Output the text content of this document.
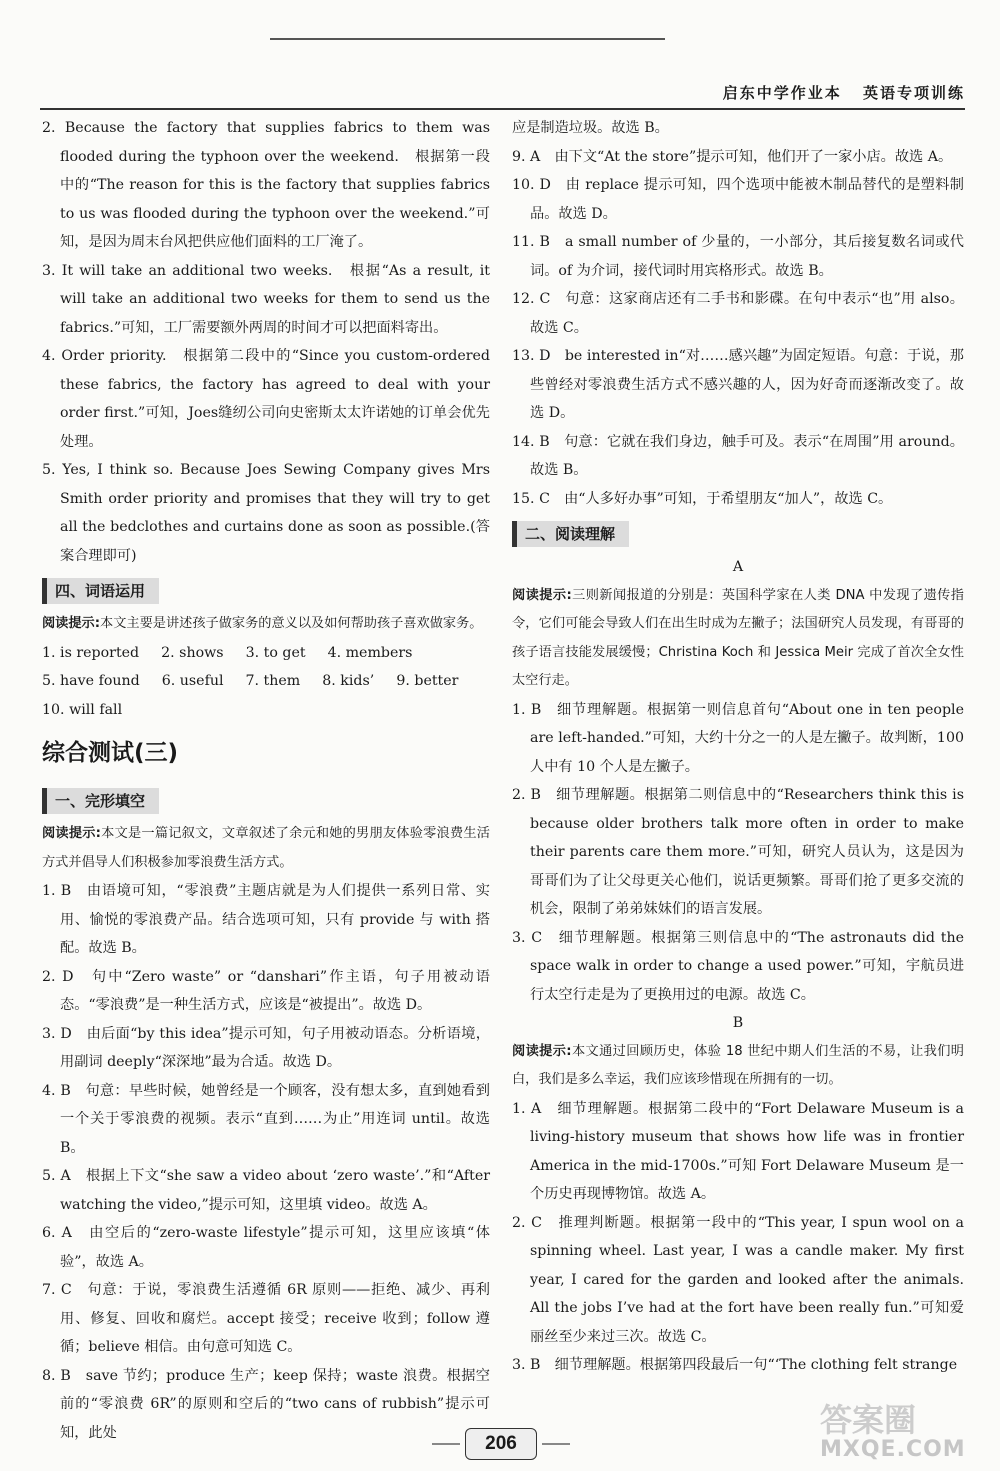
启东中学作业本 英语专项训练

2. Because the factory that supplies fabrics to them was flooded during the typhoon over the weekend.　根据第一段中的“The reason for this is the factory that supplies fabrics to us was flooded during the typhoon over the weekend.”可知，是因为周末台风把供应他们面料的工厂淹了。

3. It will take an additional two weeks.　根据“As a result, it will take an additional two weeks for them to send us the fabrics.”可知，工厂需要额外两周的时间才可以把面料寄出。

4. Order priority.　根据第二段中的“Since you custom-ordered these fabrics, the factory has agreed to deal with your order first.”可知，Joes缝纫公司向史密斯太太许诺她的订单会优先处理。

5. Yes, I think so. Because Joes Sewing Company gives Mrs Smith order priority and promises that they will try to get all the bedclothes and curtains done as soon as possible.(答案合理即可)

四、词语运用

阅读提示:本文主要是讲述孩子做家务的意义以及如何帮助孩子喜欢做家务。

1. is reported 2. shows 3. to get 4. members
5. have found 6. useful 7. them 8. kids’ 9. better
10. will fall
综合测试(三)
一、完形填空

阅读提示:本文是一篇记叙文，文章叙述了余元和她的男朋友体验零浪费生活方式并倡导人们积极参加零浪费生活方式。

1. B　由语境可知，“零浪费”主题店就是为人们提供一系列日常、实用、愉悦的零浪费产品。结合选项可知，只有 provide 与 with 搭配。故选 B。

2. D　句中“Zero waste” or “danshari”作主语，句子用被动语态。“零浪费”是一种生活方式，应该是“被提出”。故选 D。

3. D　由后面“by this idea”提示可知，句子用被动语态。分析语境，用副词 deeply“深深地”最为合适。故选 D。

4. B　句意：早些时候，她曾经是一个顾客，没有想太多，直到她看到一个关于零浪费的视频。表示“直到……为止”用连词 until。故选 B。

5. A　根据上下文“she saw a video about ‘zero waste’.”和“After watching the video,”提示可知，这里填 video。故选 A。

6. A　由空后的“zero-waste lifestyle”提示可知，这里应该填“体验”，故选 A。

7. C　句意：于说，零浪费生活遵循 6R 原则——拒绝、减少、再利用、修复、回收和腐烂。accept 接受；receive 收到；follow 遵循；believe 相信。由句意可知选 C。

8. B　save 节约；produce 生产；keep 保持；waste 浪费。根据空前的“零浪费 6R”的原则和空后的“two cans of rubbish”提示可知，此处

应是制造垃圾。故选 B。

9. A　由下文“At the store”提示可知，他们开了一家小店。故选 A。

10. D　由 replace 提示可知，四个选项中能被木制品替代的是塑料制品。故选 D。

11. B　a small number of 少量的，一小部分，其后接复数名词或代词。of 为介词，接代词时用宾格形式。故选 B。

12. C　句意：这家商店还有二手书和影碟。在句中表示“也”用 also。故选 C。

13. D　be interested in“对……感兴趣”为固定短语。句意：于说，那些曾经对零浪费生活方式不感兴趣的人，因为好奇而逐渐改变了。故选 D。

14. B　句意：它就在我们身边，触手可及。表示“在周围”用 around。故选 B。

15. C　由“人多好办事”可知，于希望朋友“加人”，故选 C。

二、阅读理解

A

阅读提示:三则新闻报道的分别是：英国科学家在人类 DNA 中发现了遗传指令，它们可能会导致人们在出生时成为左撇子；法国研究人员发现，有哥哥的孩子语言技能发展缓慢；Christina Koch 和 Jessica Meir 完成了首次全女性太空行走。

1. B　细节理解题。根据第一则信息首句“About one in ten people are left-handed.”可知，大约十分之一的人是左撇子。故判断，100 人中有 10 个人是左撇子。

2. B　细节理解题。根据第二则信息中的“Researchers think this is because older brothers talk more often in order to make their parents care them more.”可知，研究人员认为，这是因为哥哥们为了让父母更关心他们，说话更频繁。哥哥们抢了更多交流的机会，限制了弟弟妹妹们的语言发展。

3. C　细节理解题。根据第三则信息中的“The astronauts did the space walk in order to change a used power.”可知，宇航员进行太空行走是为了更换用过的电源。故选 C。

B

阅读提示:本文通过回顾历史，体验 18 世纪中期人们生活的不易，让我们明白，我们是多么幸运，我们应该珍惜现在所拥有的一切。

1. A　细节理解题。根据第二段中的“Fort Delaware Museum is a living-history museum that shows how life was in frontier America in the mid-1700s.”可知 Fort Delaware Museum 是一个历史再现博物馆。故选 A。

2. C　推理判断题。根据第一段中的“This year, I spun wool on a spinning wheel. Last year, I was a candle maker. My first year, I cared for the garden and looked after the animals. All the jobs I’ve had at the fort have been really fun.”可知爱丽丝至少来过三次。故选 C。

3. B　细节理解题。根据第四段最后一句“‘The clothing felt strange

206
答案圈
MXQE.COM
